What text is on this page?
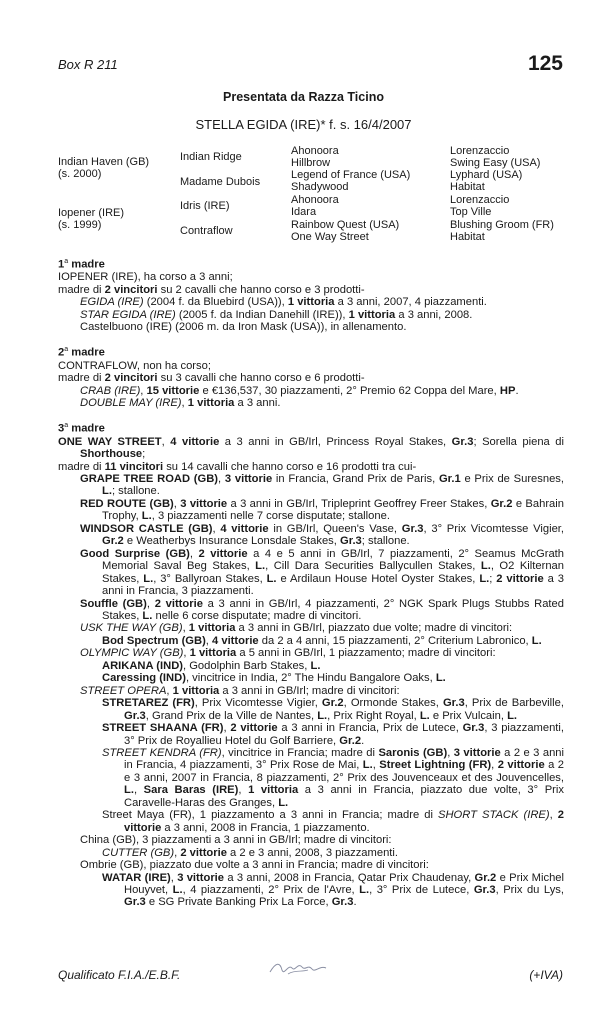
Box R 211	125
Presentata da Razza Ticino
STELLA EGIDA (IRE)* f. s. 16/4/2007
Indian Haven (GB)
(s. 2000)
Iopener (IRE)
(s. 1999)
Indian Ridge
Madame Dubois
Idris (IRE)
Contraflow
Ahonoora
Hillbrow
Legend of France (USA)
Shadywood
Ahonoora
Idara
Rainbow Quest (USA)
One Way Street
Lorenzaccio
Swing Easy (USA)
Lyphard (USA)
Habitat
Lorenzaccio
Top Ville
Blushing Groom (FR)
Habitat

1$^a$ madre

IOPENER (IRE), ha corso a 3 anni;

madre di 2 vincitori su 2 cavalli che hanno corso e 3 prodotti-

EGIDA (IRE) (2004 f. da Bluebird (USA)), 1 vittoria a 3 anni, 2007, 4 piazzamenti.

STAR EGIDA (IRE) (2005 f. da Indian Danehill (IRE)), 1 vittoria a 3 anni, 2008.

Castelbuono (IRE) (2006 m. da Iron Mask (USA)), in allenamento.

2$^a$ madre

CONTRAFLOW, non ha corso;

madre di 2 vincitori su 3 cavalli che hanno corso e 6 prodotti-

CRAB (IRE), 15 vittorie e €136,537, 30 piazzamenti, 2° Premio 62 Coppa del Mare, HP.

DOUBLE MAY (IRE), 1 vittoria a 3 anni.

3$^a$ madre

ONE WAY STREET, 4 vittorie a 3 anni in GB/Irl, Princess Royal Stakes, Gr.3; Sorella piena di Shorthouse;

madre di 11 vincitori su 14 cavalli che hanno corso e 16 prodotti tra cui-

GRAPE TREE ROAD (GB), 3 vittorie in Francia, Grand Prix de Paris, Gr.1 e Prix de Suresnes, L.; stallone.

RED ROUTE (GB), 3 vittorie a 3 anni in GB/Irl, Tripleprint Geoffrey Freer Stakes, Gr.2 e Bahrain Trophy, L., 3 piazzamenti nelle 7 corse disputate; stallone.

WINDSOR CASTLE (GB), 4 vittorie in GB/Irl, Queen's Vase, Gr.3, 3° Prix Vicomtesse Vigier, Gr.2 e Weatherbys Insurance Lonsdale Stakes, Gr.3; stallone.

Good Surprise (GB), 2 vittorie a 4 e 5 anni in GB/Irl, 7 piazzamenti, 2° Seamus McGrath Memorial Saval Beg Stakes, L., Cill Dara Securities Ballycullen Stakes, L., O2 Kilternan Stakes, L., 3° Ballyroan Stakes, L. e Ardilaun House Hotel Oyster Stakes, L.; 2 vittorie a 3 anni in Francia, 3 piazzamenti.

Souffle (GB), 2 vittorie a 3 anni in GB/Irl, 4 piazzamenti, 2° NGK Spark Plugs Stubbs Rated Stakes, L. nelle 6 corse disputate; madre di vincitori.

USK THE WAY (GB), 1 vittoria a 3 anni in GB/Irl, piazzato due volte; madre di vincitori:

Bod Spectrum (GB), 4 vittorie da 2 a 4 anni, 15 piazzamenti, 2° Criterium Labronico, L.

OLYMPIC WAY (GB), 1 vittoria a 5 anni in GB/Irl, 1 piazzamento; madre di vincitori:

ARIKANA (IND), Godolphin Barb Stakes, L.

Caressing (IND), vincitrice in India, 2° The Hindu Bangalore Oaks, L.

STREET OPERA, 1 vittoria a 3 anni in GB/Irl; madre di vincitori:

STRETAREZ (FR), Prix Vicomtesse Vigier, Gr.2, Ormonde Stakes, Gr.3, Prix de Barbeville, Gr.3, Grand Prix de la Ville de Nantes, L., Prix Right Royal, L. e Prix Vulcain, L.

STREET SHAANA (FR), 2 vittorie a 3 anni in Francia, Prix de Lutece, Gr.3, 3 piazzamenti, 3° Prix de Royallieu Hotel du Golf Barriere, Gr.2.

STREET KENDRA (FR), vincitrice in Francia; madre di Saronis (GB), 3 vittorie a 2 e 3 anni in Francia, 4 piazzamenti, 3° Prix Rose de Mai, L., Street Lightning (FR), 2 vittorie a 2 e 3 anni, 2007 in Francia, 8 piazzamenti, 2° Prix des Jouvenceaux et des Jouvencelles, L., Sara Baras (IRE), 1 vittoria a 3 anni in Francia, piazzato due volte, 3° Prix Caravelle-Haras des Granges, L.

Street Maya (FR), 1 piazzamento a 3 anni in Francia; madre di SHORT STACK (IRE), 2 vittorie a 3 anni, 2008 in Francia, 1 piazzamento.

China (GB), 3 piazzamenti a 3 anni in GB/Irl; madre di vincitori:

CUTTER (GB), 2 vittorie a 2 e 3 anni, 2008, 3 piazzamenti.

Ombrie (GB), piazzato due volte a 3 anni in Francia; madre di vincitori:

WATAR (IRE), 3 vittorie a 3 anni, 2008 in Francia, Qatar Prix Chaudenay, Gr.2 e Prix Michel Houyvet, L., 4 piazzamenti, 2° Prix de l'Avre, L., 3° Prix de Lutece, Gr.3, Prix du Lys, Gr.3 e SG Private Banking Prix La Force, Gr.3.

Qualificato F.I.A./E.B.F.	(+IVA)
